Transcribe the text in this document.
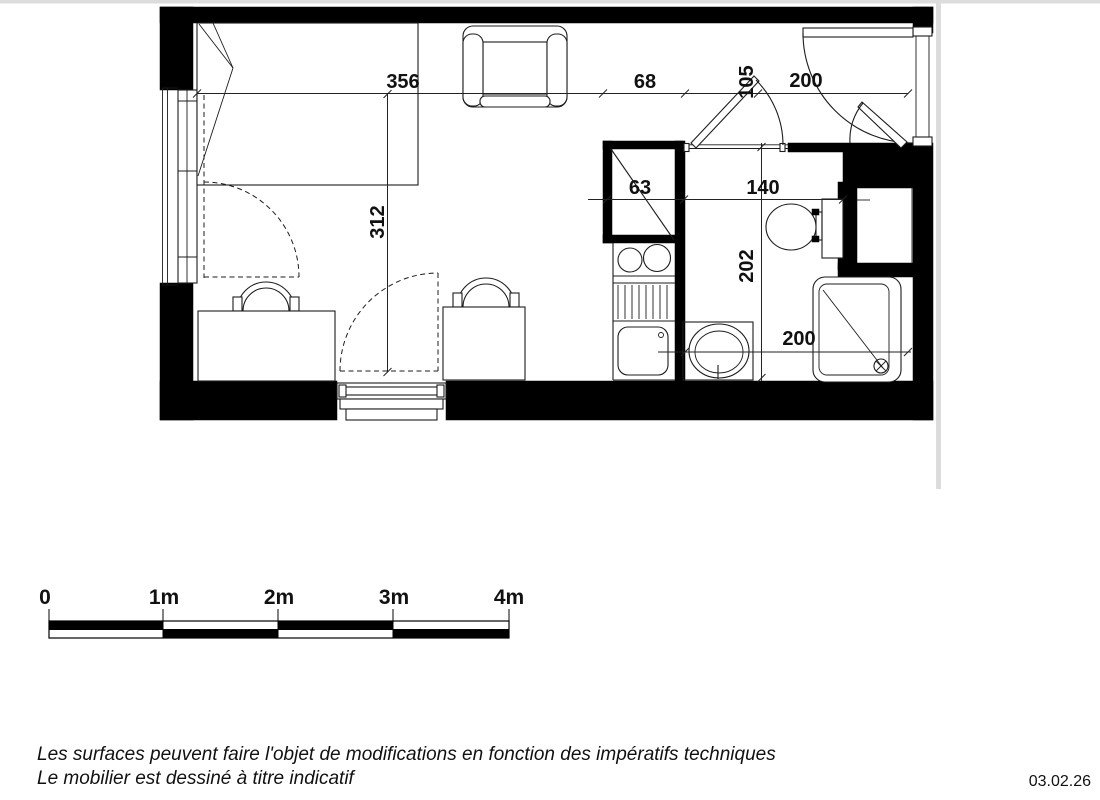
356	68	105 200
312
63	140
202
200
0	1m	2m	3m	4m
Les surfaces peuvent faire l'objet de modifications en fonction des impératifs techniques
Le mobilier est dessiné à titre indicatif	03.02.26
